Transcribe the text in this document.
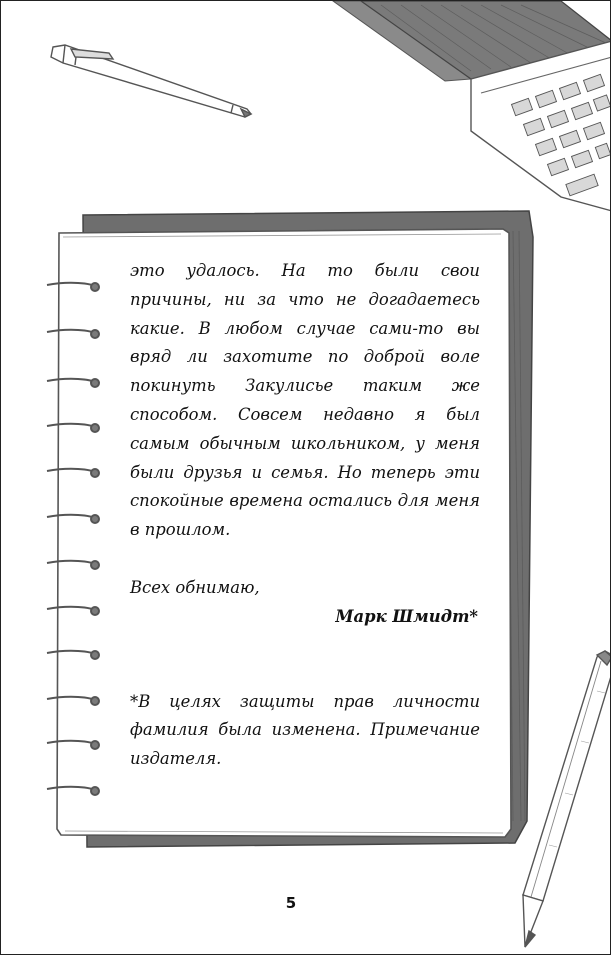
это удалось. На то были свои причины, ни за что не догадаетесь какие. В любом случае сами-то вы вряд ли захотите по доброй воле покинуть Закулисье таким же способом. Совсем недавно я был самым обычным школьником, у меня были друзья и семья. Но теперь эти спокойные времена остались для меня в прошлом.

Всех обнимаю,

Марк Шмидт*

*В целях защиты прав личности фамилия была изменена. Примечание издателя.

5
